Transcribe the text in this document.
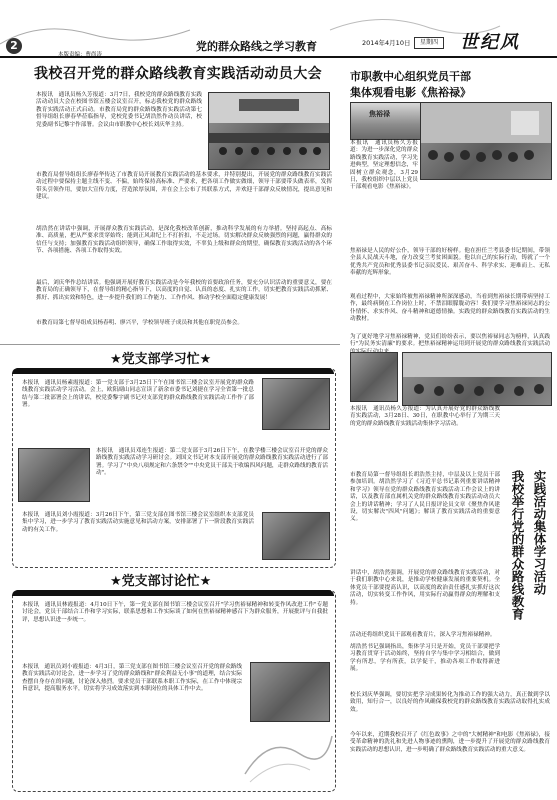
2	党的群众路线之学习教育
本版责编：曹尚涛
2014年4月10日	星期四	世纪风
我校召开党的群众路线教育实践活动动员大会
本报讯　通讯员杨久芳报道：3月7日，我校党的群众路线教育实践活动动员大会在校图书馆五楼会议室召开，标志我校党的群众路线教育实践活动正式启动。市教育局党的群众路线教育实践活动第七督导组组长廖春华莅临指导，党校党委书记胡浩然作动员讲话，校党委副书记黎宇作部署。会议由市职教中心校长刘庆华主持。
市教育局督导组组长廖春华传达了市教育局开展教育实践活动的基本要求，并特别提出，开展党的群众路线教育实践活动过程中要保持主题主线不变、不偏，始终保持高标准、严要求，把各项工作做实做细，领导干部要带头做表率，发挥带头引领作用，要加大宣传力度，营造浓厚氛围，并在会上公布了其联系方式，并欢迎干部群众反映情况，提出意见和建议。
胡浩然在讲话中强调，开展群众教育实践活动，是深化我校改革创新，推动科学发展的有力举措。坚持高起点、高标准、高质量，把从严要求贯穿始终；能到正风肃纪上不打折扣，不走过场。切实解决群众反映强烈的问题，赢得群众的信任与支持；加强教育实践活动组织领导，确保工作取得实效，不辜负上级和群众的期望，确保教育实践活动的各个环节、各项措施、各项工作取得实效。
最后，刘庆华作总结讲话。他强调开展好教育实践活动是今年我校的首要政治任务，要充分认识活动的重要意义，要在教育局的正确领导下，在督导组的精心指导下，以高度的自觉、认真的态度、扎实的工作，切实把教育实践活动抓紧、抓好、抓出实效和特色，进一步提升我们的工作能力、工作作风、推动学校全面稳定健康发展！
市教育局第七督导组成员杨春明、廖兴平，学校领导班子成员和其他在职党员参会。
市职教中心组织党员干部
集体观看电影《焦裕禄》
焦裕禄
本报讯　通讯员杨久芳报道：为进一步深化党的群众路线教育实践活动，学习先进典型，坚定理想信念，牢固树立群众观念，3月29日，我校组织中层以上党员干部观看电影《焦裕禄》。
焦裕禄是人民的好公仆，领导干部的好榜样。他在担任兰考县委书记期间，带领全县人民战天斗地，奋力改变兰考贫困面貌。他以自己的实际行动，铸就了一个优秀共产党员和优秀县委书记亲民爱民、艰苦奋斗、科学求实、迎难而上、无私奉献的光辉形象。
观看过程中，大家始终被焦裕禄精神所深深感动，当看到焦裕禄长期带病坚持工作，最终病倒在工作岗位上时，不禁泪眼朦胧动容！我们要学习焦裕禄同志的公仆情怀、求实作风、奋斗精神和道德情操。实践党的群众路线教育实践活动的生动教材。
为了更好地学习焦裕禄精神，党员们纷纷表示，要以焦裕禄同志为榜样，认真践行"为民务实清廉"的要求。把焦裕禄精神运用到开展党的群众路线教育实践活动
★党支部学习忙★
本报讯　通讯员杨素霞报道：第一党支部于3月25日下午在图书馆三楼会议室开展党的群众路线教育实践活动学习活动。会上，欧阳副山同志宣读了新余市委书记刘捷在学习全省第一批总结与第二批部署会上的讲话，校党委黎宇副书记对支部党的群众路线教育实践活动工作作了部署。
本报讯　通讯员邓连生报道：第二党支部于3月26日下午，在教学楼三楼会议室召开党的群众路线教育实践活动学习研讨会。刘国文书记对本支部开展党的群众路线教育实践活动进行了部署。学习了"中央八项规定和六条禁令""中央党员干部关于收编四风问题，走群众路线的教育活动"。
本报讯　通讯员刘小霞报道：3月26日下午，第三党支部在图书馆三楼会议室组织本支部党员集中学习，进一步学习了教育实践活动实施意见和活动方案，安排部署了下一阶段教育实践活动的有关工作。
★党支部讨论忙★
本报讯　通讯员林霞报道：4月10日下午，第一党支部在图书馆三楼会议室召开"学习焦裕禄精神和转变作风改进工作"专题讨论会，党员干部结合工作和学习实际，联系思想和工作实际谈了如何在焦裕禄精神感召下为群众服务，开展批评与自我批评，思想认识进一步统一。
本报讯　通讯员刘小霞报道：4月3日，第三党支部在图书馆三楼会议室召开党的群众路线教育实践活动讨论会，进一步学习了党的群众路线和"群众利益无小事"的道理，结合实际查摆自身存在的问题，讨论深入热烈。要求党员干部联系本职工作实际，在工作中体现宗旨意识，提高服务水平，切实将学习成效落实到本职岗位的具体工作中去。
本报讯　通讯员杨久芳报道：为认真开展好党的群众路线教育实践活动，3月28日、30日，在职教中心举行了为期三天的党的群众路线教育实践活动集体学习活动。
市教育局第一督导组组长胡浩然主持，中层及以上党员干部参加培训。胡浩然学习了《习近平总书记系列重要讲话精神和学习》领导在党的群众路线教育实践活动工作会议上的讲话，以及教育部直属机关党的群众路线教育实践活动动员大会上的讲话精神；学习了人民日报评论员文章《聚焦作风建设，切实解决"四风"问题》；解读了教育实践活动的重要意义。
讲话中，胡浩然强调，开展党的群众路线教育实践活动，对于我们职教中心来说，是推动学校健康发展的重要契机。全体党员干部要提高认识，以高度的政治责任感扎实抓好这次活动，切实转变工作作风，用实际行动赢得群众的理解和支持。
活动还将组织党员干部观看教育片，深入学习焦裕禄精神。
胡浩然书记强调指出，集体学习只是开始，党员干部要把学习教育贯穿于活动始终，坚持自学与集中学习相结合，做到学有所思，学有所获，以学促干，推动各项工作取得新进展。
校长刘庆华强调，要切实把学习成果转化为推动工作的强大动力，真正做到学以致用，知行合一，以良好的作风确保我校党的群众路线教育实践活动取得扎实成效。
今年以来，近期我校召开了《红色故事》之中的"大树精神"和电影《焦裕禄》，接受革命精神的洗礼和先进人物事迹的熏陶，进一步提升了开展党的群众路线教育实践活动的思想认识，进一步明确了群众路线教育实践活动的重大意义。
实践活动集体学习活动
我校举行党的群众路线教育
